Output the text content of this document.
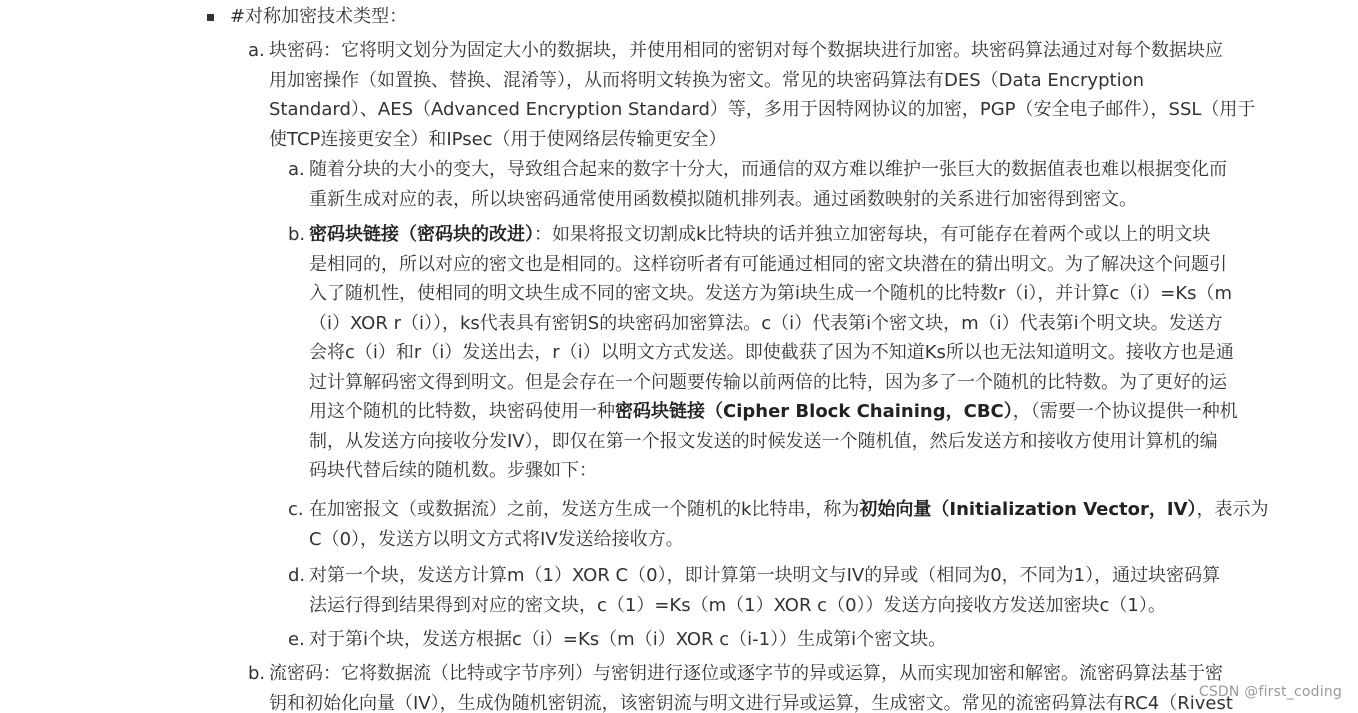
#对称加密技术类型：
a. 块密码：它将明文划分为固定大小的数据块，并使用相同的密钥对每个数据块进行加密。块密码算法通过对每个数据块应

用加密操作（如置换、替换、混淆等），从而将明文转换为密文。常见的块密码算法有DES（Data Encryption

Standard）、AES（Advanced Encryption Standard）等，多用于因特网协议的加密，PGP（安全电子邮件），SSL（用于

使TCP连接更安全）和IPsec（用于使网络层传输更安全）

a. 随着分块的大小的变大，导致组合起来的数字十分大，而通信的双方难以维护一张巨大的数据值表也难以根据变化而

重新生成对应的表，所以块密码通常使用函数模拟随机排列表。通过函数映射的关系进行加密得到密文。

b. 密码块链接（密码块的改进）：如果将报文切割成k比特块的话并独立加密每块，有可能存在着两个或以上的明文块

是相同的，所以对应的密文也是相同的。这样窃听者有可能通过相同的密文块潜在的猜出明文。为了解决这个问题引

入了随机性，使相同的明文块生成不同的密文块。发送方为第i块生成一个随机的比特数r（i），并计算c（i）=Ks（m

（i）XOR r（i）），ks代表具有密钥S的块密码加密算法。c（i）代表第i个密文块，m（i）代表第i个明文块。发送方

会将c（i）和r（i）发送出去，r（i）以明文方式发送。即使截获了因为不知道Ks所以也无法知道明文。接收方也是通

过计算解码密文得到明文。但是会存在一个问题要传输以前两倍的比特，因为多了一个随机的比特数。为了更好的运

用这个随机的比特数，块密码使用一种密码块链接（Cipher Block Chaining，CBC），（需要一个协议提供一种机

制，从发送方向接收分发IV），即仅在第一个报文发送的时候发送一个随机值，然后发送方和接收方使用计算机的编

码块代替后续的随机数。步骤如下：

c. 在加密报文（或数据流）之前，发送方生成一个随机的k比特串，称为初始向量（Initialization Vector，IV），表示为

C（0），发送方以明文方式将IV发送给接收方。

d. 对第一个块，发送方计算m（1）XOR C（0），即计算第一块明文与IV的异或（相同为0，不同为1），通过块密码算

法运行得到结果得到对应的密文块，c（1）=Ks（m（1）XOR c（0））发送方向接收方发送加密块c（1）。

e. 对于第i个块，发送方根据c（i）=Ks（m（i）XOR c（i-1））生成第i个密文块。

b. 流密码：它将数据流（比特或字节序列）与密钥进行逐位或逐字节的异或运算，从而实现加密和解密。流密码算法基于密

钥和初始化向量（IV），生成伪随机密钥流，该密钥流与明文进行异或运算，生成密文。常见的流密码算法有RC4（Rivest

CSDN @first_coding
